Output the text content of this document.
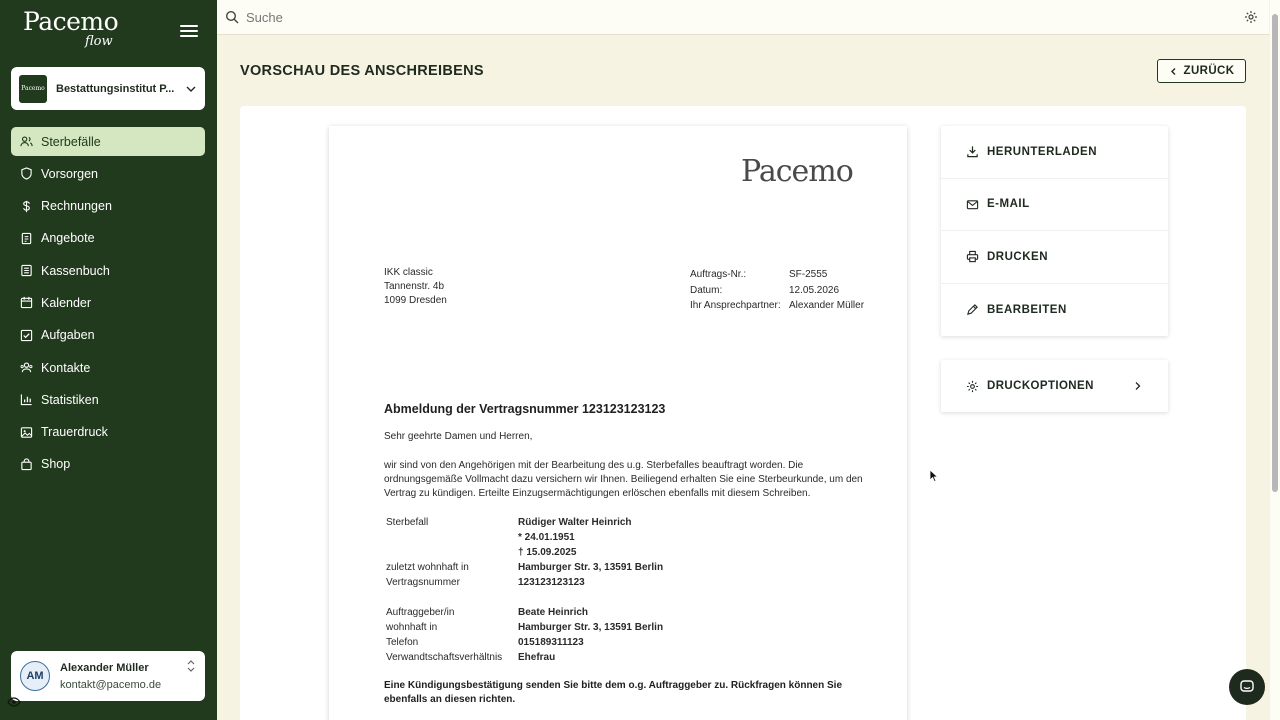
Pacemo
flow
Pacemo Bestattungsinstitut P...
Sterbefälle
Vorsorgen
Rechnungen
Angebote
Kassenbuch
Kalender
Aufgaben
Kontakte
Statistiken
Trauerdruck
Shop
AM
Alexander Müller
kontakt@pacemo.de
Suche
VORSCHAU DES ANSCHREIBENS	ZURÜCK
Pacemo
IKK classic
Tannenstr. 4b
1099 Dresden
Auftrags-Nr.:	SF-2555
Datum:	12.05.2026
Ihr Ansprechpartner: Alexander Müller
Abmeldung der Vertragsnummer 123123123123
Sehr geehrte Damen und Herren,
wir sind von den Angehörigen mit der Bearbeitung des u.g. Sterbefalles beauftragt worden. Die ordnungsgemäße Vollmacht dazu versichern wir Ihnen. Beiliegend erhalten Sie eine Sterbeurkunde, um den Vertrag zu kündigen. Erteilte Einzugsermächtigungen erlöschen ebenfalls mit diesem Schreiben.
Sterbefall	Rüdiger Walter Heinrich
* 24.01.1951
† 15.09.2025
zuletzt wohnhaft in	Hamburger Str. 3, 13591 Berlin
Vertragsnummer	123123123123
Auftraggeber/in	Beate Heinrich
wohnhaft in	Hamburger Str. 3, 13591 Berlin
Telefon	015189311123
Verwandtschaftsverhältnis	Ehefrau
Eine Kündigungsbestätigung senden Sie bitte dem o.g. Auftraggeber zu. Rückfragen können Sie ebenfalls an diesen richten.
HERUNTERLADEN
E-MAIL
DRUCKEN
BEARBEITEN
DRUCKOPTIONEN
